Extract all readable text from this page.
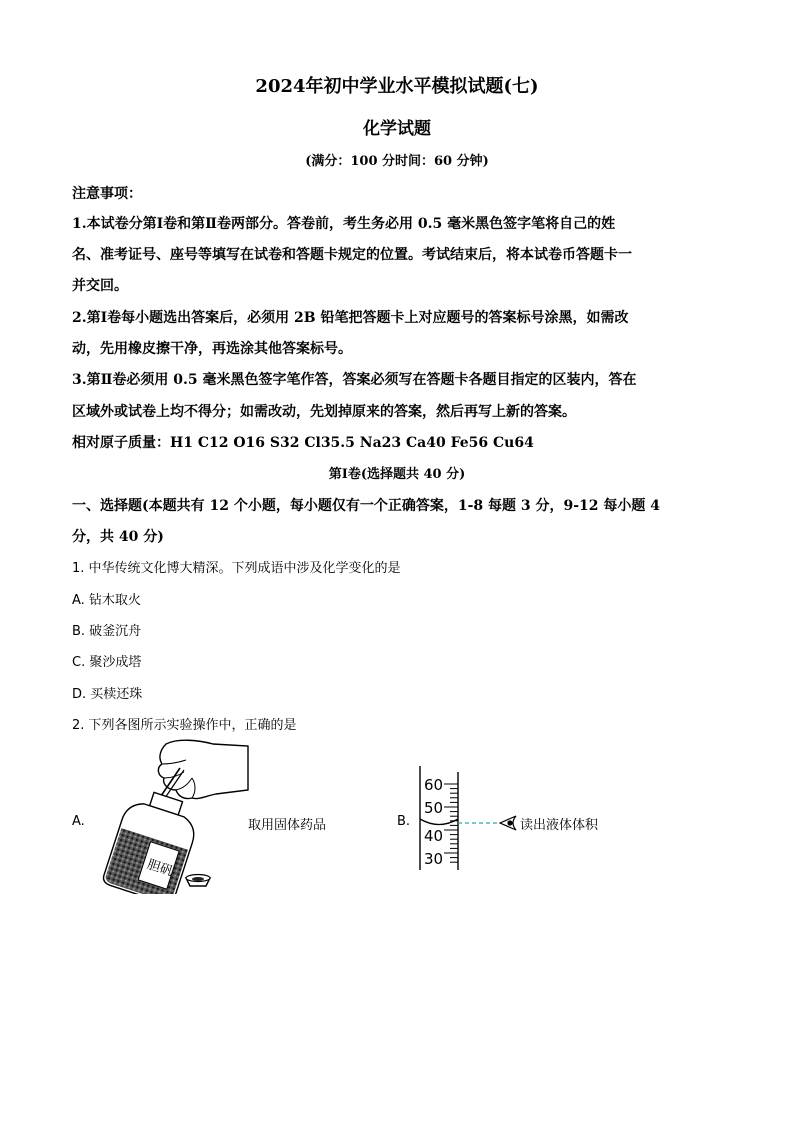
2024年初中学业水平模拟试题(七)
化学试题
(满分：100 分时间：60 分钟)
注意事项：
1.本试卷分第Ⅰ卷和第Ⅱ卷两部分。答卷前，考生务必用 0.5 毫米黑色签字笔将自己的姓
名、准考证号、座号等填写在试卷和答题卡规定的位置。考试结束后，将本试卷币答题卡一
并交回。
2.第Ⅰ卷每小题选出答案后，必须用 2B 铅笔把答题卡上对应题号的答案标号涂黑，如需改
动，先用橡皮擦干净，再选涂其他答案标号。
3.第Ⅱ卷必须用 0.5 毫米黑色签字笔作答，答案必须写在答题卡各题目指定的区装内，答在
区域外或试卷上均不得分；如需改动，先划掉原来的答案，然后再写上新的答案。
相对原子质量：H1 C12 O16 S32 Cl35.5 Na23 Ca40 Fe56 Cu64
第Ⅰ卷(选择题共 40 分)
一、选择题(本题共有 12 个小题，每小题仅有一个正确答案，1-8 每题 3 分，9-12 每小题 4
分，共 40 分)
1. 中华传统文化博大精深。下列成语中涉及化学变化的是
A. 钻木取火
B. 破釜沉舟
C. 聚沙成塔
D. 买椟还珠
2. 下列各图所示实验操作中，正确的是
A.
胆矾
取用固体药品	B.
60
50
40
30
读出液体体积
